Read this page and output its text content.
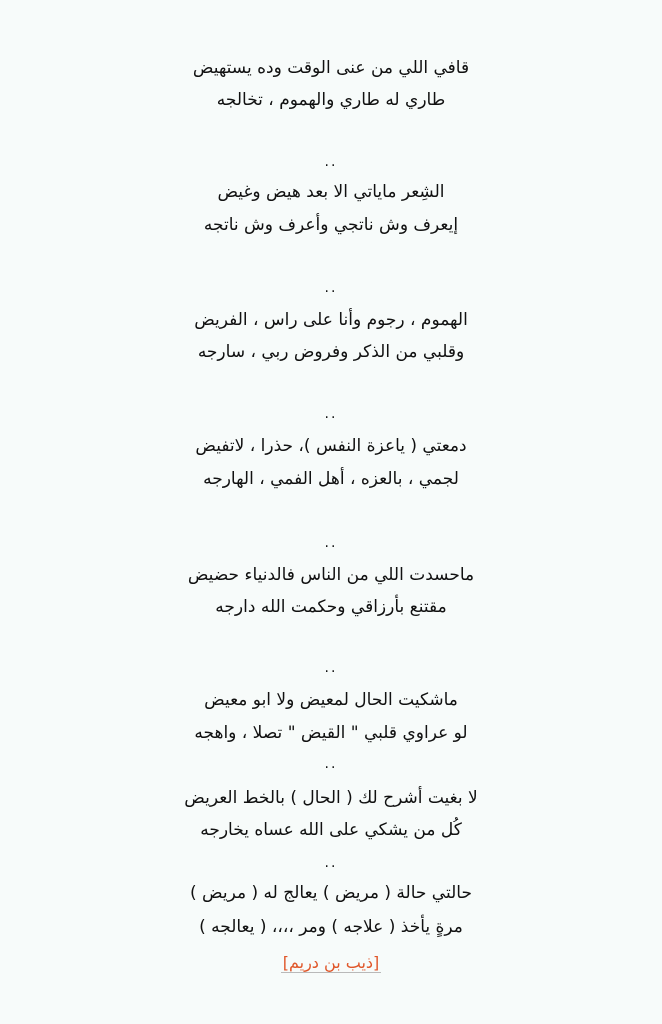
قافي اللي من عنى الوقت وده يستهيض
طاري له طاري والهموم ، تخالجه
..
الشِعر ماياتي الا بعد هيض وغيض
إيعرف وش ناتجي وأعرف وش ناتجه
..
الهموم ، رجوم وأنا على راس ، الفريض
وقلبي من الذكر وفروض ربي ، سارجه
..
دمعتي ( ياعزة النفس )، حذرا ، لاتفيض
لجمي ، بالعزه ، أهل الفمي ، الهارجه
..
ماحسدت اللي من الناس فالدنياء حضيض
مقتنع بأرزاقي وحكمت الله دارجه
..
ماشكيت الحال لمعيض ولا ابو معيض
لو عراوي قلبي " القيض " تصلا ، واهجه
..
لا بغيت أشرح لك ( الحال ) بالخط العريض
كُل من يشكي على الله عساه يخارجه
..
حالتي حالة ( مريض ) يعالج له ( مريض )
مرةٍ يأخذ ( علاجه ) ومر ،،،، ( يعالجه )
[ذيب بن دريم]
